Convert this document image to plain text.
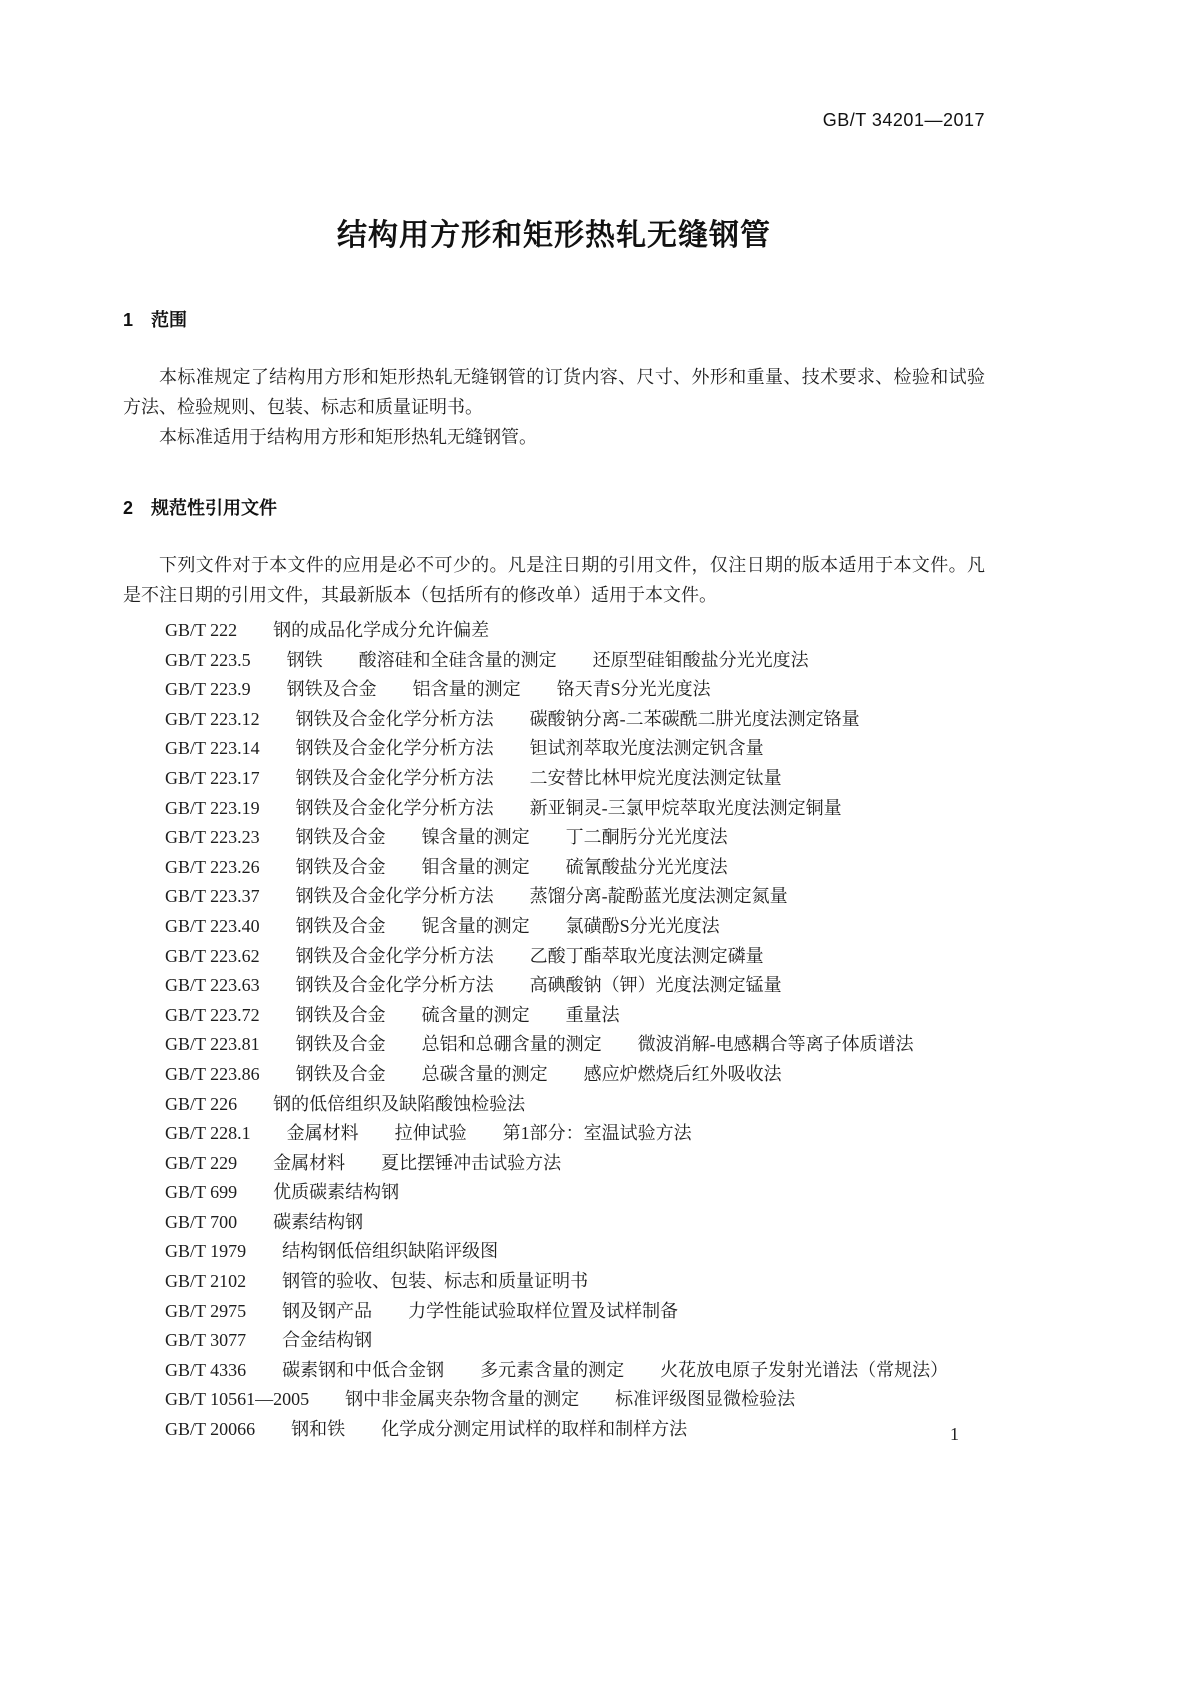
GB/T 34201—2017
结构用方形和矩形热轧无缝钢管
1 范围

本标准规定了结构用方形和矩形热轧无缝钢管的订货内容、尺寸、外形和重量、技术要求、检验和试验方法、检验规则、包装、标志和质量证明书。

本标准适用于结构用方形和矩形热轧无缝钢管。

2 规范性引用文件

下列文件对于本文件的应用是必不可少的。凡是注日期的引用文件，仅注日期的版本适用于本文件。凡是不注日期的引用文件，其最新版本（包括所有的修改单）适用于本文件。

GB/T 222　　钢的成品化学成分允许偏差
GB/T 223.5　　钢铁　　酸溶硅和全硅含量的测定　　还原型硅钼酸盐分光光度法
GB/T 223.9　　钢铁及合金　　铝含量的测定　　铬天青S分光光度法
GB/T 223.12　　钢铁及合金化学分析方法　　碳酸钠分离-二苯碳酰二肼光度法测定铬量
GB/T 223.14　　钢铁及合金化学分析方法　　钽试剂萃取光度法测定钒含量
GB/T 223.17　　钢铁及合金化学分析方法　　二安替比林甲烷光度法测定钛量
GB/T 223.19　　钢铁及合金化学分析方法　　新亚铜灵-三氯甲烷萃取光度法测定铜量
GB/T 223.23　　钢铁及合金　　镍含量的测定　　丁二酮肟分光光度法
GB/T 223.26　　钢铁及合金　　钼含量的测定　　硫氰酸盐分光光度法
GB/T 223.37　　钢铁及合金化学分析方法　　蒸馏分离-靛酚蓝光度法测定氮量
GB/T 223.40　　钢铁及合金　　铌含量的测定　　氯磺酚S分光光度法
GB/T 223.62　　钢铁及合金化学分析方法　　乙酸丁酯萃取光度法测定磷量
GB/T 223.63　　钢铁及合金化学分析方法　　高碘酸钠（钾）光度法测定锰量
GB/T 223.72　　钢铁及合金　　硫含量的测定　　重量法
GB/T 223.81　　钢铁及合金　　总铝和总硼含量的测定　　微波消解-电感耦合等离子体质谱法
GB/T 223.86　　钢铁及合金　　总碳含量的测定　　感应炉燃烧后红外吸收法
GB/T 226　　钢的低倍组织及缺陷酸蚀检验法
GB/T 228.1　　金属材料　　拉伸试验　　第1部分：室温试验方法
GB/T 229　　金属材料　　夏比摆锤冲击试验方法
GB/T 699　　优质碳素结构钢
GB/T 700　　碳素结构钢
GB/T 1979　　结构钢低倍组织缺陷评级图
GB/T 2102　　钢管的验收、包装、标志和质量证明书
GB/T 2975　　钢及钢产品　　力学性能试验取样位置及试样制备
GB/T 3077　　合金结构钢
GB/T 4336　　碳素钢和中低合金钢　　多元素含量的测定　　火花放电原子发射光谱法（常规法）
GB/T 10561—2005　　钢中非金属夹杂物含量的测定　　标准评级图显微检验法
GB/T 20066　　钢和铁　　化学成分测定用试样的取样和制样方法	1
